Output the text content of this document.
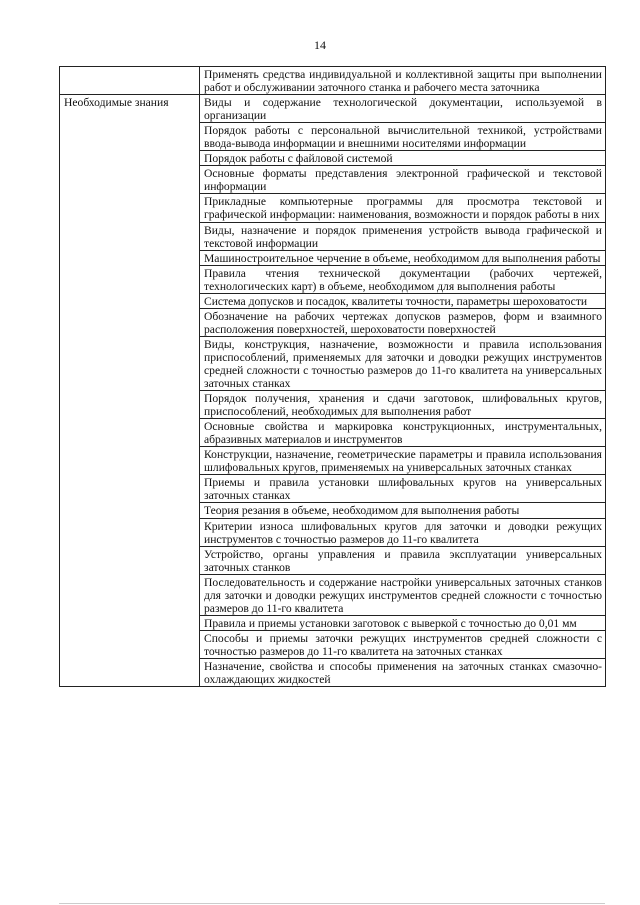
14
	Применять средства индивидуальной и коллективной защиты при выполнении работ и обслуживании заточного станка и рабочего места заточника
Необходимые знания	Виды и содержание технологической документации, используемой в организации
	Порядок работы с персональной вычислительной техникой, устройствами ввода-вывода информации и внешними носителями информации
	Порядок работы с файловой системой
	Основные форматы представления электронной графической и текстовой информации
	Прикладные компьютерные программы для просмотра текстовой и графической информации: наименования, возможности и порядок работы в них
	Виды, назначение и порядок применения устройств вывода графической и текстовой информации
	Машиностроительное черчение в объеме, необходимом для выполнения работы
	Правила чтения технической документации (рабочих чертежей, технологических карт) в объеме, необходимом для выполнения работы
	Система допусков и посадок, квалитеты точности, параметры шероховатости
	Обозначение на рабочих чертежах допусков размеров, форм и взаимного расположения поверхностей, шероховатости поверхностей
	Виды, конструкция, назначение, возможности и правила использования приспособлений, применяемых для заточки и доводки режущих инструментов средней сложности с точностью размеров до 11-го квалитета на универсальных заточных станках
	Порядок получения, хранения и сдачи заготовок, шлифовальных кругов, приспособлений, необходимых для выполнения работ
	Основные свойства и маркировка конструкционных, инструментальных, абразивных материалов и инструментов
	Конструкции, назначение, геометрические параметры и правила использования шлифовальных кругов, применяемых на универсальных заточных станках
	Приемы и правила установки шлифовальных кругов на универсальных заточных станках
	Теория резания в объеме, необходимом для выполнения работы
	Критерии износа шлифовальных кругов для заточки и доводки режущих инструментов с точностью размеров до 11-го квалитета
	Устройство, органы управления и правила эксплуатации универсальных заточных станков
	Последовательность и содержание настройки универсальных заточных станков для заточки и доводки режущих инструментов средней сложности с точностью размеров до 11-го квалитета
	Правила и приемы установки заготовок с выверкой с точностью до 0,01 мм
	Способы и приемы заточки режущих инструментов средней сложности с точностью размеров до 11-го квалитета на заточных станках
	Назначение, свойства и способы применения на заточных станках смазочно-охлаждающих жидкостей
